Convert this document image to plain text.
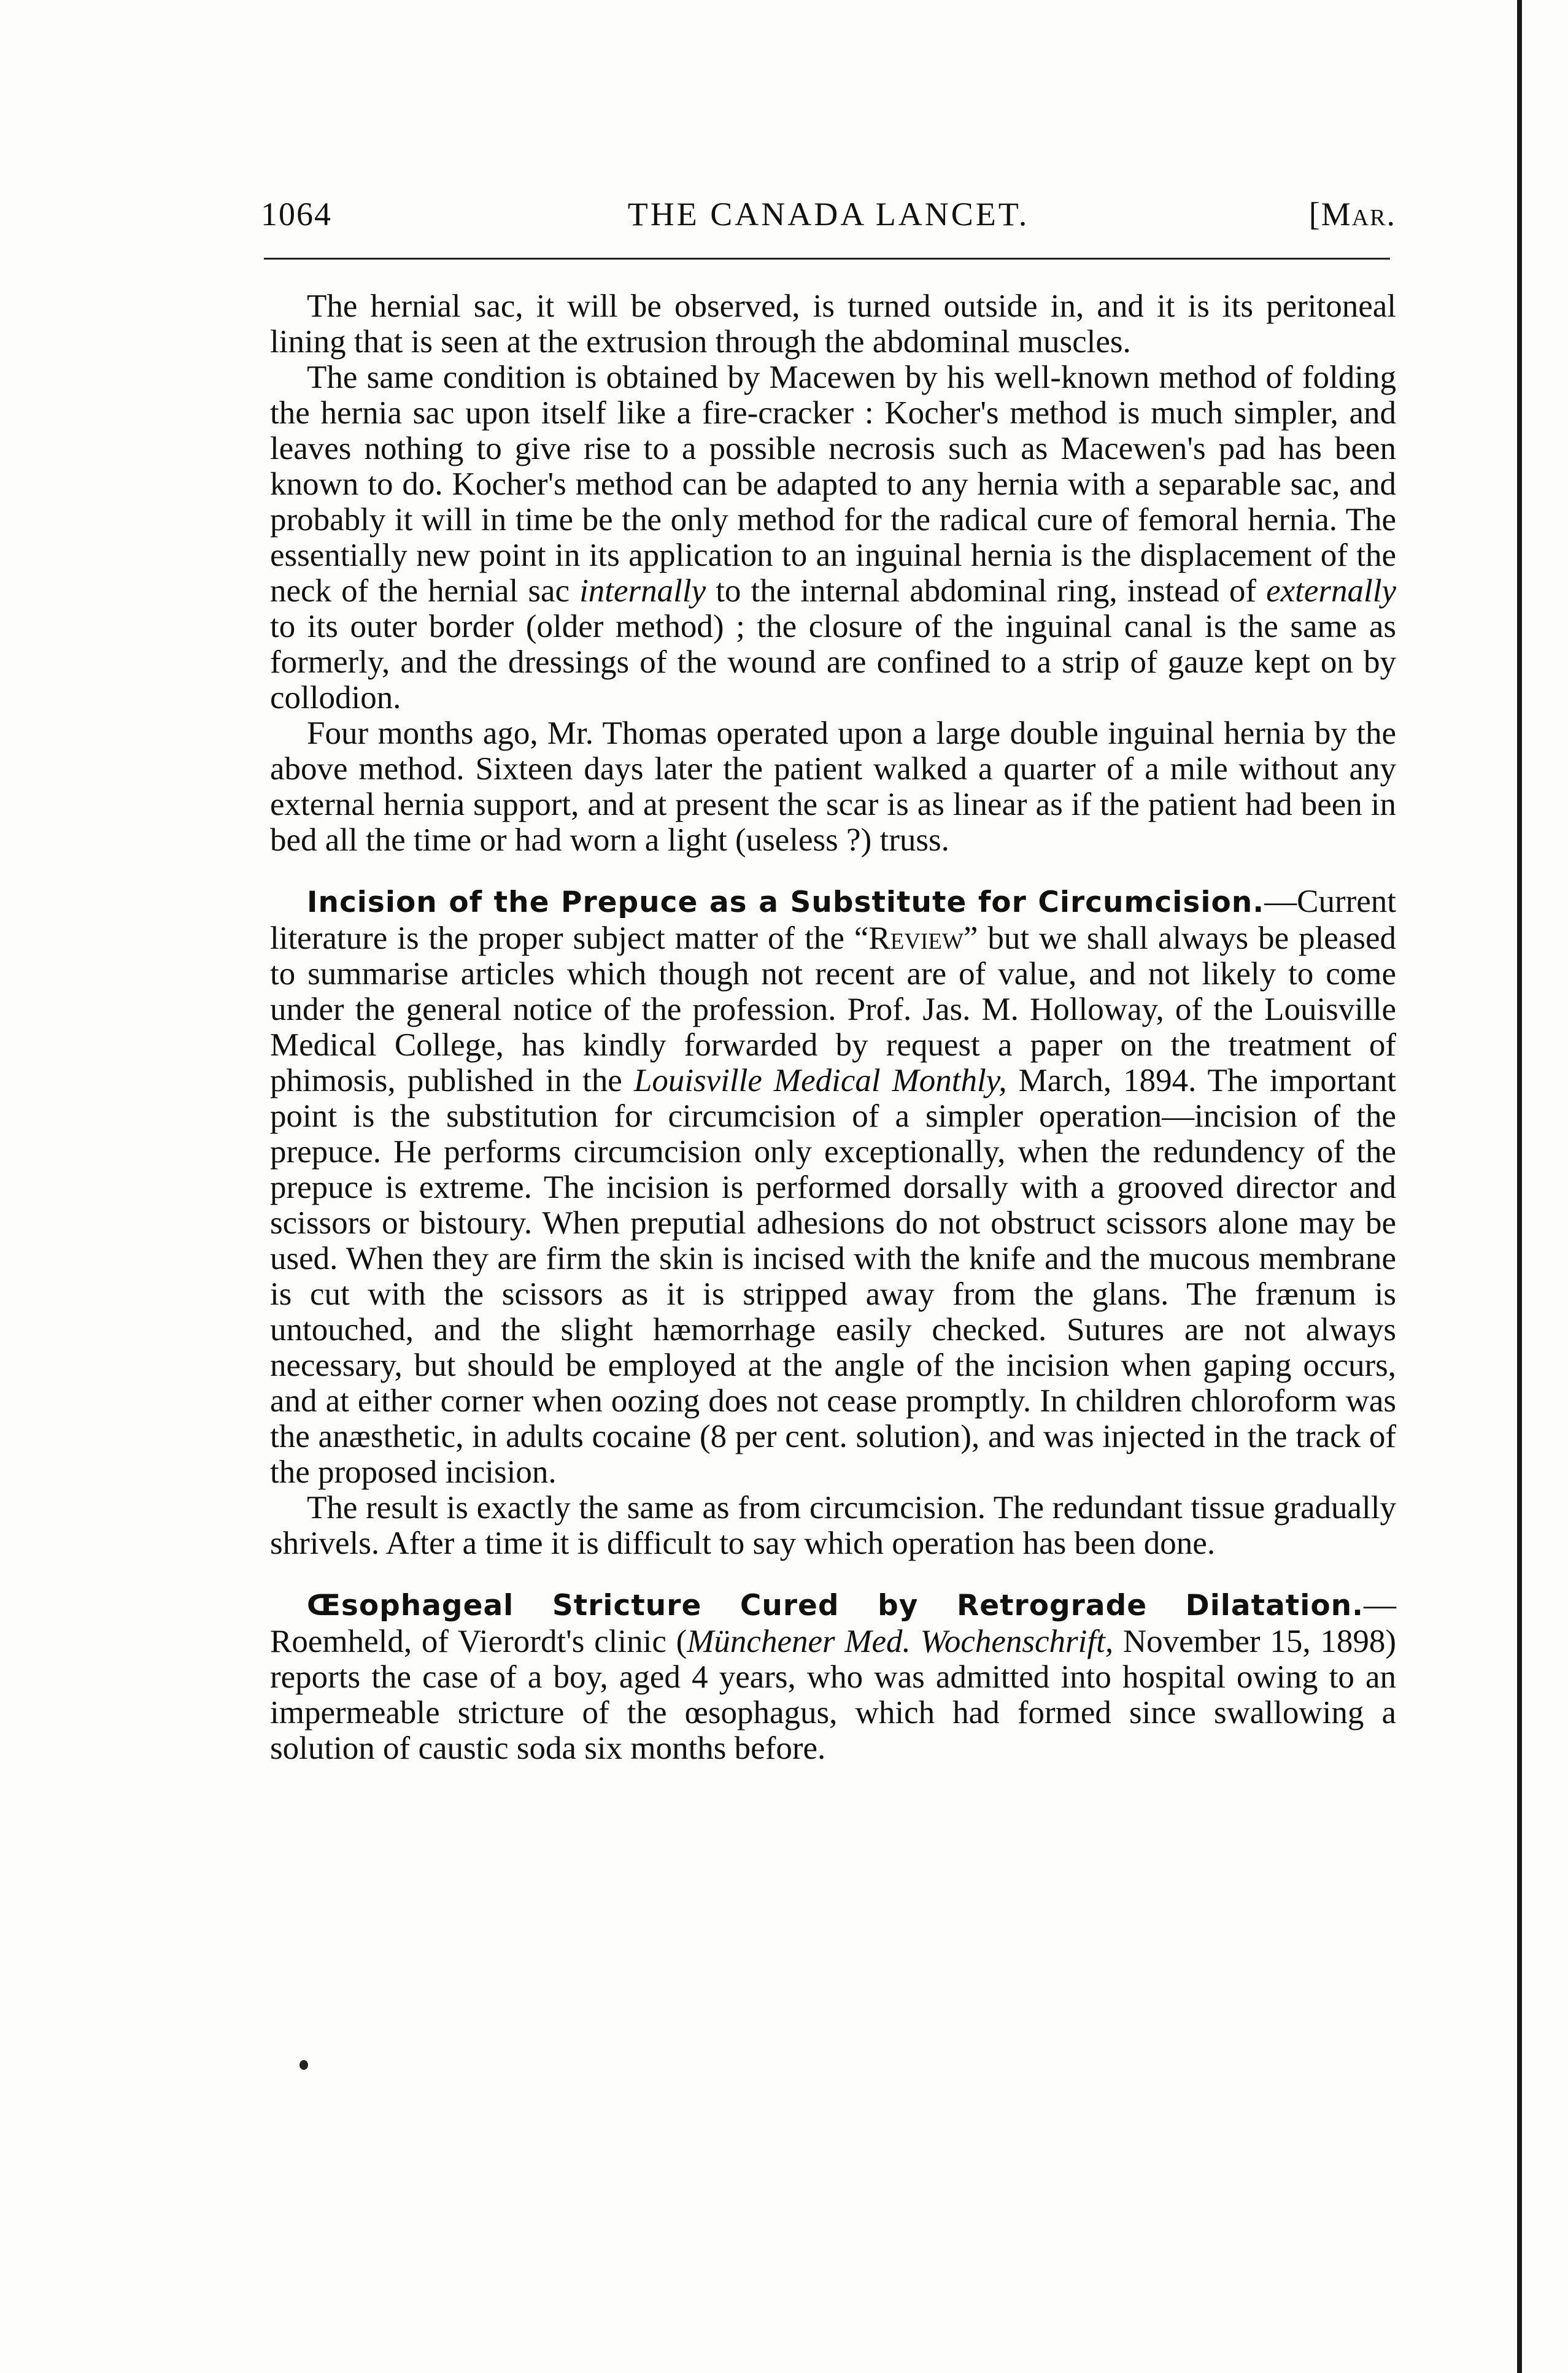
1064	THE CANADA LANCET.	[Mar.

The hernial sac, it will be observed, is turned outside in, and it is its peritoneal lining that is seen at the extrusion through the abdominal muscles.

The same condition is obtained by Macewen by his well-known method of folding the hernia sac upon itself like a fire-cracker : Kocher's method is much simpler, and leaves nothing to give rise to a possible necrosis such as Macewen's pad has been known to do. Kocher's method can be adapted to any hernia with a separable sac, and probably it will in time be the only method for the radical cure of femoral hernia. The essentially new point in its application to an inguinal hernia is the displacement of the neck of the hernial sac internally to the internal abdominal ring, instead of externally to its outer border (older method) ; the closure of the inguinal canal is the same as formerly, and the dressings of the wound are confined to a strip of gauze kept on by collodion.

Four months ago, Mr. Thomas operated upon a large double inguinal hernia by the above method. Sixteen days later the patient walked a quarter of a mile without any external hernia support, and at present the scar is as linear as if the patient had been in bed all the time or had worn a light (useless ?) truss.

Incision of the Prepuce as a Substitute for Circumcision.—Current literature is the proper subject matter of the “Review” but we shall always be pleased to summarise articles which though not recent are of value, and not likely to come under the general notice of the profession. Prof. Jas. M. Holloway, of the Louisville Medical College, has kindly forwarded by request a paper on the treatment of phimosis, published in the Louisville Medical Monthly, March, 1894. The important point is the substitution for circumcision of a simpler operation—incision of the prepuce. He performs circumcision only exceptionally, when the redundency of the prepuce is extreme. The incision is performed dorsally with a grooved director and scissors or bistoury. When preputial adhesions do not obstruct scissors alone may be used. When they are firm the skin is incised with the knife and the mucous membrane is cut with the scissors as it is stripped away from the glans. The frænum is untouched, and the slight hæmorrhage easily checked. Sutures are not always necessary, but should be employed at the angle of the incision when gaping occurs, and at either corner when oozing does not cease promptly. In children chloroform was the anæsthetic, in adults cocaine (8 per cent. solution), and was injected in the track of the proposed incision.

The result is exactly the same as from circumcision. The redundant tissue gradually shrivels. After a time it is difficult to say which operation has been done.

Œsophageal Stricture Cured by Retrograde Dilatation.—Roemheld, of Vierordt's clinic (Münchener Med. Wochenschrift, November 15, 1898) reports the case of a boy, aged 4 years, who was admitted into hospital owing to an impermeable stricture of the œsophagus, which had formed since swallowing a solution of caustic soda six months before.
